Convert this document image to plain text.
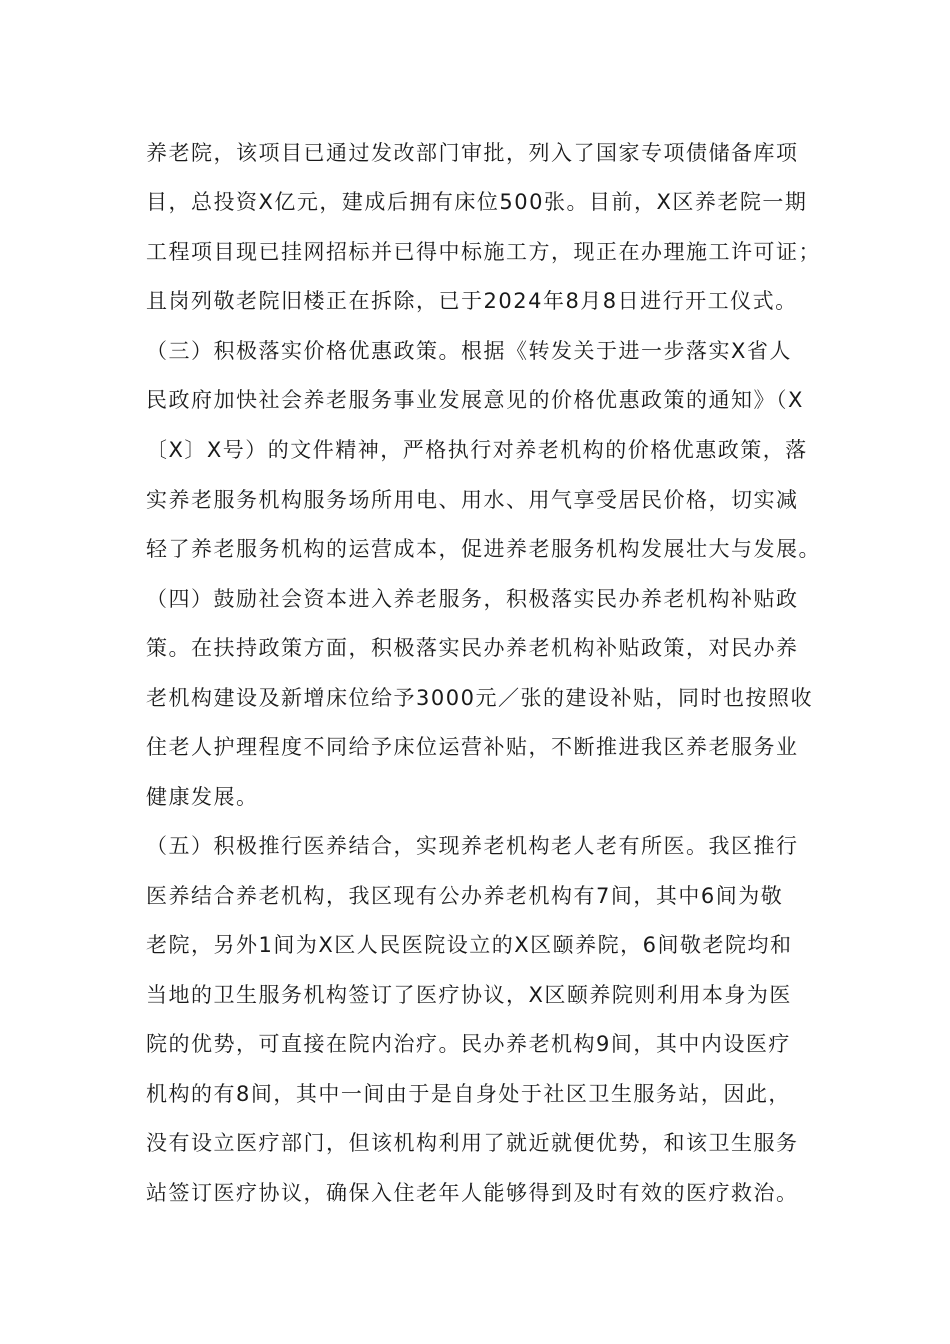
养老院，该项目已通过发改部门审批，列入了国家专项债储备库项
目，总投资X亿元，建成后拥有床位500张。目前，X区养老院一期
工程项目现已挂网招标并已得中标施工方，现正在办理施工许可证；
且岗列敬老院旧楼正在拆除，已于2024年8月8日进行开工仪式。
（三）积极落实价格优惠政策。根据《转发关于进一步落实X省人
民政府加快社会养老服务事业发展意见的价格优惠政策的通知》（X
〔X〕X号）的文件精神，严格执行对养老机构的价格优惠政策，落
实养老服务机构服务场所用电、用水、用气享受居民价格，切实减
轻了养老服务机构的运营成本，促进养老服务机构发展壮大与发展。
（四）鼓励社会资本进入养老服务，积极落实民办养老机构补贴政
策。在扶持政策方面，积极落实民办养老机构补贴政策，对民办养
老机构建设及新增床位给予3000元／张的建设补贴，同时也按照收
住老人护理程度不同给予床位运营补贴，不断推进我区养老服务业
健康发展。
（五）积极推行医养结合，实现养老机构老人老有所医。我区推行
医养结合养老机构，我区现有公办养老机构有7间，其中6间为敬
老院，另外1间为X区人民医院设立的X区颐养院，6间敬老院均和
当地的卫生服务机构签订了医疗协议，X区颐养院则利用本身为医
院的优势，可直接在院内治疗。民办养老机构9间，其中内设医疗
机构的有8间，其中一间由于是自身处于社区卫生服务站，因此，
没有设立医疗部门，但该机构利用了就近就便优势，和该卫生服务
站签订医疗协议，确保入住老年人能够得到及时有效的医疗救治。
